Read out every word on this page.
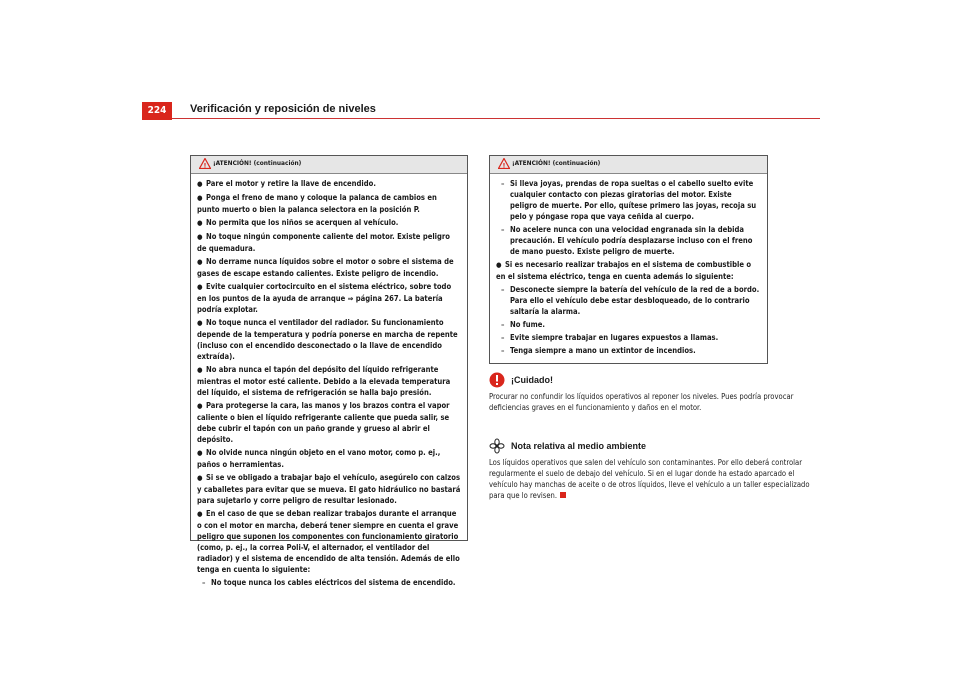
224	Verificación y reposición de niveles
! ¡ATENCIÓN! (continuación)
● Pare el motor y retire la llave de encendido.
● Ponga el freno de mano y coloque la palanca de cambios en punto muerto o bien la palanca selectora en la posición P.
● No permita que los niños se acerquen al vehículo.
● No toque ningún componente caliente del motor. Existe peligro de quemadura.
● No derrame nunca líquidos sobre el motor o sobre el sistema de gases de escape estando calientes. Existe peligro de incendio.
● Evite cualquier cortocircuito en el sistema eléctrico, sobre todo en los puntos de la ayuda de arranque ⇒ página 267. La batería podría explotar.
● No toque nunca el ventilador del radiador. Su funcionamiento depende de la temperatura y podría ponerse en marcha de repente (incluso con el encendido desconectado o la llave de encendido extraída).
● No abra nunca el tapón del depósito del líquido refrigerante mientras el motor esté caliente. Debido a la elevada temperatura del líquido, el sistema de refrigeración se halla bajo presión.
● Para protegerse la cara, las manos y los brazos contra el vapor caliente o bien el líquido refrigerante caliente que pueda salir, se debe cubrir el tapón con un paño grande y grueso al abrir el depósito.
● No olvide nunca ningún objeto en el vano motor, como p. ej., paños o herramientas.
● Si se ve obligado a trabajar bajo el vehículo, asegúrelo con calzos y caballetes para evitar que se mueva. El gato hidráulico no bastará para sujetarlo y corre peligro de resultar lesionado.
● En el caso de que se deban realizar trabajos durante el arranque o con el motor en marcha, deberá tener siempre en cuenta el grave peligro que suponen los componentes con funcionamiento giratorio (como, p. ej., la correa Poli-V, el alternador, el ventilador del radiador) y el sistema de encendido de alta tensión. Además de ello tenga en cuenta lo siguiente:
– No toque nunca los cables eléctricos del sistema de encendido.
! ¡ATENCIÓN! (continuación)
– Si lleva joyas, prendas de ropa sueltas o el cabello suelto evite cualquier contacto con piezas giratorias del motor. Existe peligro de muerte. Por ello, quítese primero las joyas, recoja su pelo y póngase ropa que vaya ceñida al cuerpo.
– No acelere nunca con una velocidad engranada sin la debida precaución. El vehículo podría desplazarse incluso con el freno de mano puesto. Existe peligro de muerte.
● Si es necesario realizar trabajos en el sistema de combustible o en el sistema eléctrico, tenga en cuenta además lo siguiente:
– Desconecte siempre la batería del vehículo de la red de a bordo. Para ello el vehículo debe estar desbloqueado, de lo contrario saltaría la alarma.
– No fume.
– Evite siempre trabajar en lugares expuestos a llamas.
– Tenga siempre a mano un extintor de incendios.
¡Cuidado!
Procurar no confundir los líquidos operativos al reponer los niveles. Pues podría provocar deficiencias graves en el funcionamiento y daños en el motor.
Nota relativa al medio ambiente
Los líquidos operativos que salen del vehículo son contaminantes. Por ello deberá controlar regularmente el suelo de debajo del vehículo. Si en el lugar donde ha estado aparcado el vehículo hay manchas de aceite o de otros líquidos, lleve el vehículo a un taller especializado para que lo revisen.
